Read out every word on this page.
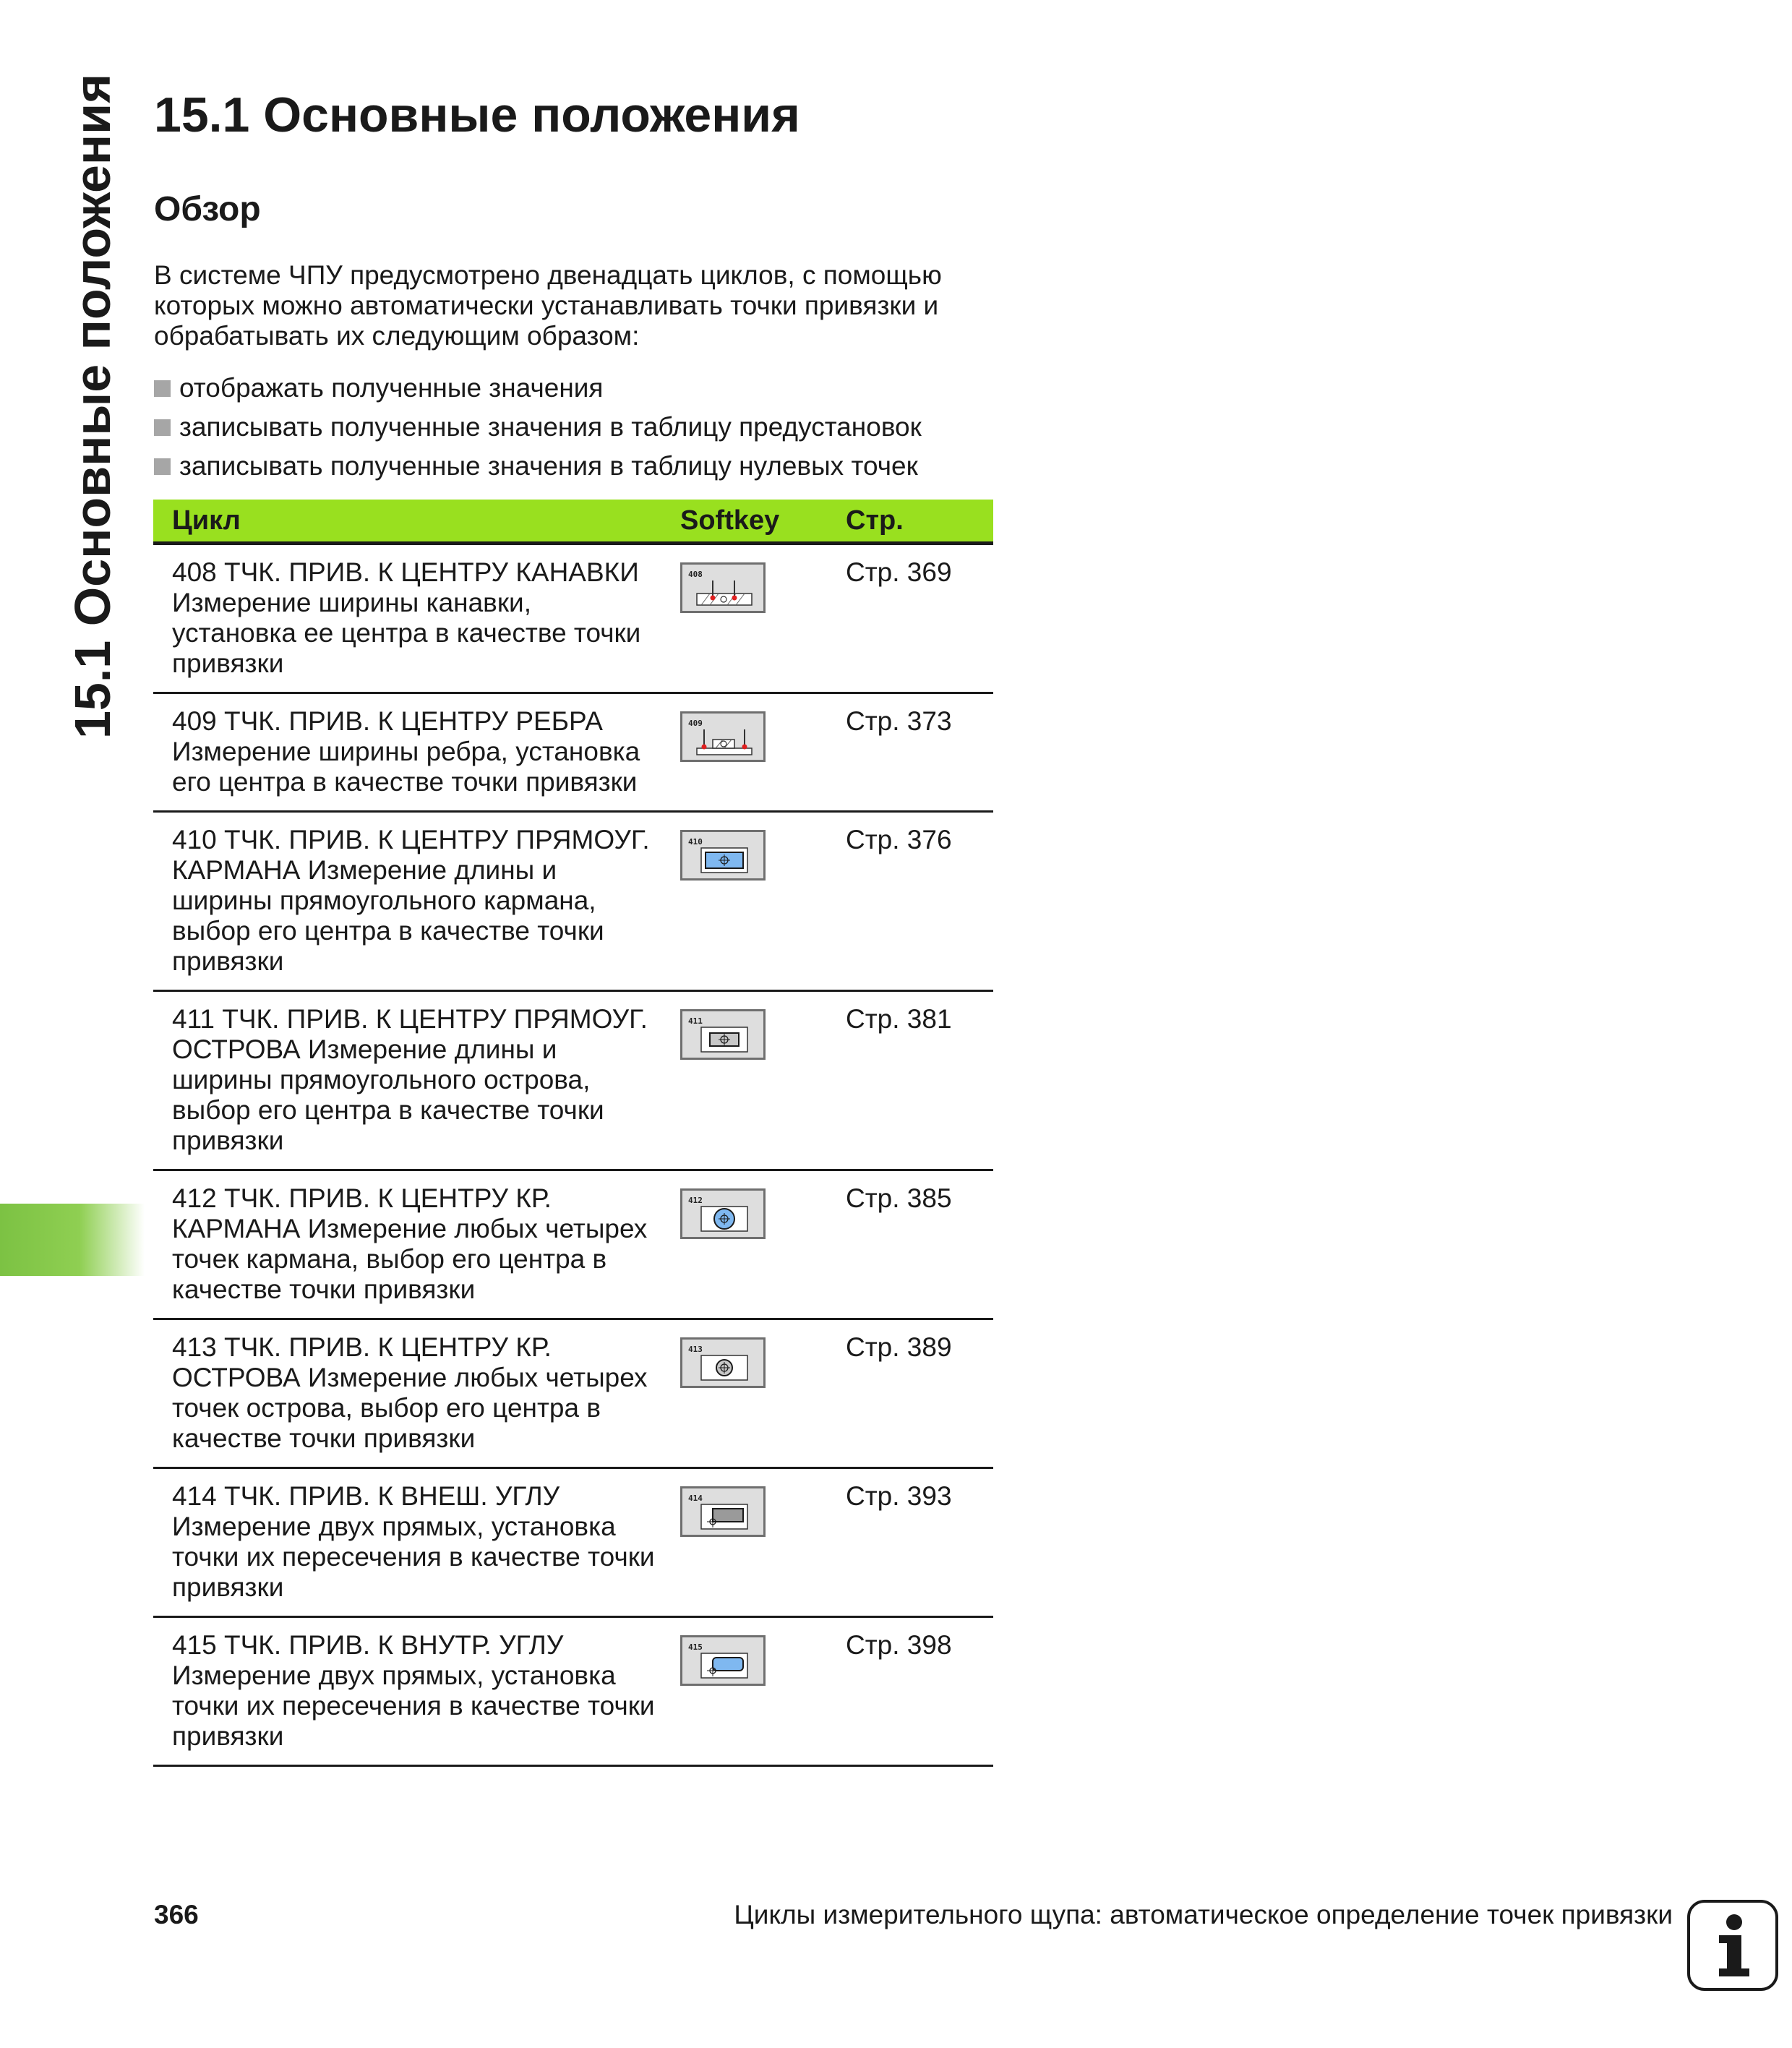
15.1 Основные положения 15.1 Основные положения
Обзор

В системе ЧПУ предусмотрено двенадцать циклов, с помощью которых можно автоматически устанавливать точки привязки и обрабатывать их следующим образом:

отображать полученные значения
записывать полученные значения в таблицу предустановок
записывать полученные значения в таблицу нулевых точек
Цикл	Softkey Стр.
408 ТЧК. ПРИВ. К ЦЕНТРУ КАНАВКИ
Измерение ширины канавки,
установка ее центра в качестве точки
привязки
408	Стр. 369
409 ТЧК. ПРИВ. К ЦЕНТРУ РЕБРА
Измерение ширины ребра, установка
его центра в качестве точки привязки
409	Стр. 373
410 ТЧК. ПРИВ. К ЦЕНТРУ ПРЯМОУГ.
КАРМАНА Измерение длины и
ширины прямоугольного кармана,
выбор его центра в качестве точки
привязки
410	Стр. 376
411 ТЧК. ПРИВ. К ЦЕНТРУ ПРЯМОУГ.
ОСТРОВА Измерение длины и
ширины прямоугольного острова,
выбор его центра в качестве точки
привязки
411	Стр. 381
412 ТЧК. ПРИВ. К ЦЕНТРУ КР.
КАРМАНА Измерение любых четырех
точек кармана, выбор его центра в
качестве точки привязки
412	Стр. 385
413 ТЧК. ПРИВ. К ЦЕНТРУ КР.
ОСТРОВА Измерение любых четырех
точек острова, выбор его центра в
качестве точки привязки
413	Стр. 389
414 ТЧК. ПРИВ. К ВНЕШ. УГЛУ
Измерение двух прямых, установка
точки их пересечения в качестве точки
привязки
414	Стр. 393
415 ТЧК. ПРИВ. К ВНУТР. УГЛУ
Измерение двух прямых, установка
точки их пересечения в качестве точки
привязки
415	Стр. 398
366	Циклы измерительного щупа: автоматическое определение точек привязки
